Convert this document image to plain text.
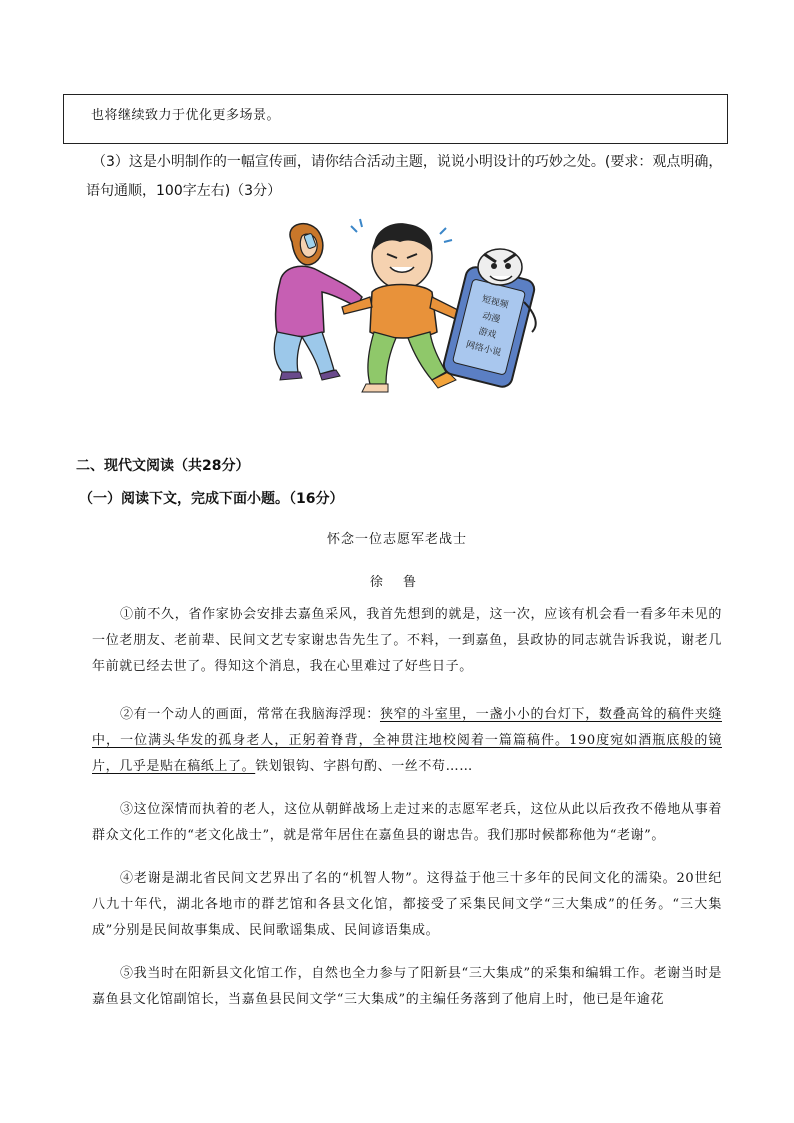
也将继续致力于优化更多场景。
（3）这是小明制作的一幅宣传画，请你结合活动主题，说说小明设计的巧妙之处。(要求：观点明确，
语句通顺，100字左右)（3分）
短视频
动漫
游戏
网络小说
二、现代文阅读（共28分）
（一）阅读下文，完成下面小题。（16分）
怀念一位志愿军老战士
徐 鲁
①前不久，省作家协会安排去嘉鱼采风，我首先想到的就是，这一次，应该有机会看一看多年未见的一位老朋友、老前辈、民间文艺专家谢忠告先生了。不料，一到嘉鱼，县政协的同志就告诉我说，谢老几年前就已经去世了。得知这个消息，我在心里难过了好些日子。
②有一个动人的画面，常常在我脑海浮现：狭窄的斗室里，一盏小小的台灯下，数叠高耸的稿件夹缝中，一位满头华发的孤身老人，正躬着脊背，全神贯注地校阅着一篇篇稿件。190度宛如酒瓶底般的镜片，几乎是贴在稿纸上了。铁划银钩、字斟句酌、一丝不苟……
③这位深情而执着的老人，这位从朝鲜战场上走过来的志愿军老兵，这位从此以后孜孜不倦地从事着群众文化工作的“老文化战士”，就是常年居住在嘉鱼县的谢忠告。我们那时候都称他为“老谢”。
④老谢是湖北省民间文艺界出了名的“机智人物”。这得益于他三十多年的民间文化的濡染。20世纪八九十年代，湖北各地市的群艺馆和各县文化馆，都接受了采集民间文学“三大集成”的任务。“三大集成”分别是民间故事集成、民间歌谣集成、民间谚语集成。
⑤我当时在阳新县文化馆工作，自然也全力参与了阳新县“三大集成”的采集和编辑工作。老谢当时是嘉鱼县文化馆副馆长，当嘉鱼县民间文学“三大集成”的主编任务落到了他肩上时，他已是年逾花
